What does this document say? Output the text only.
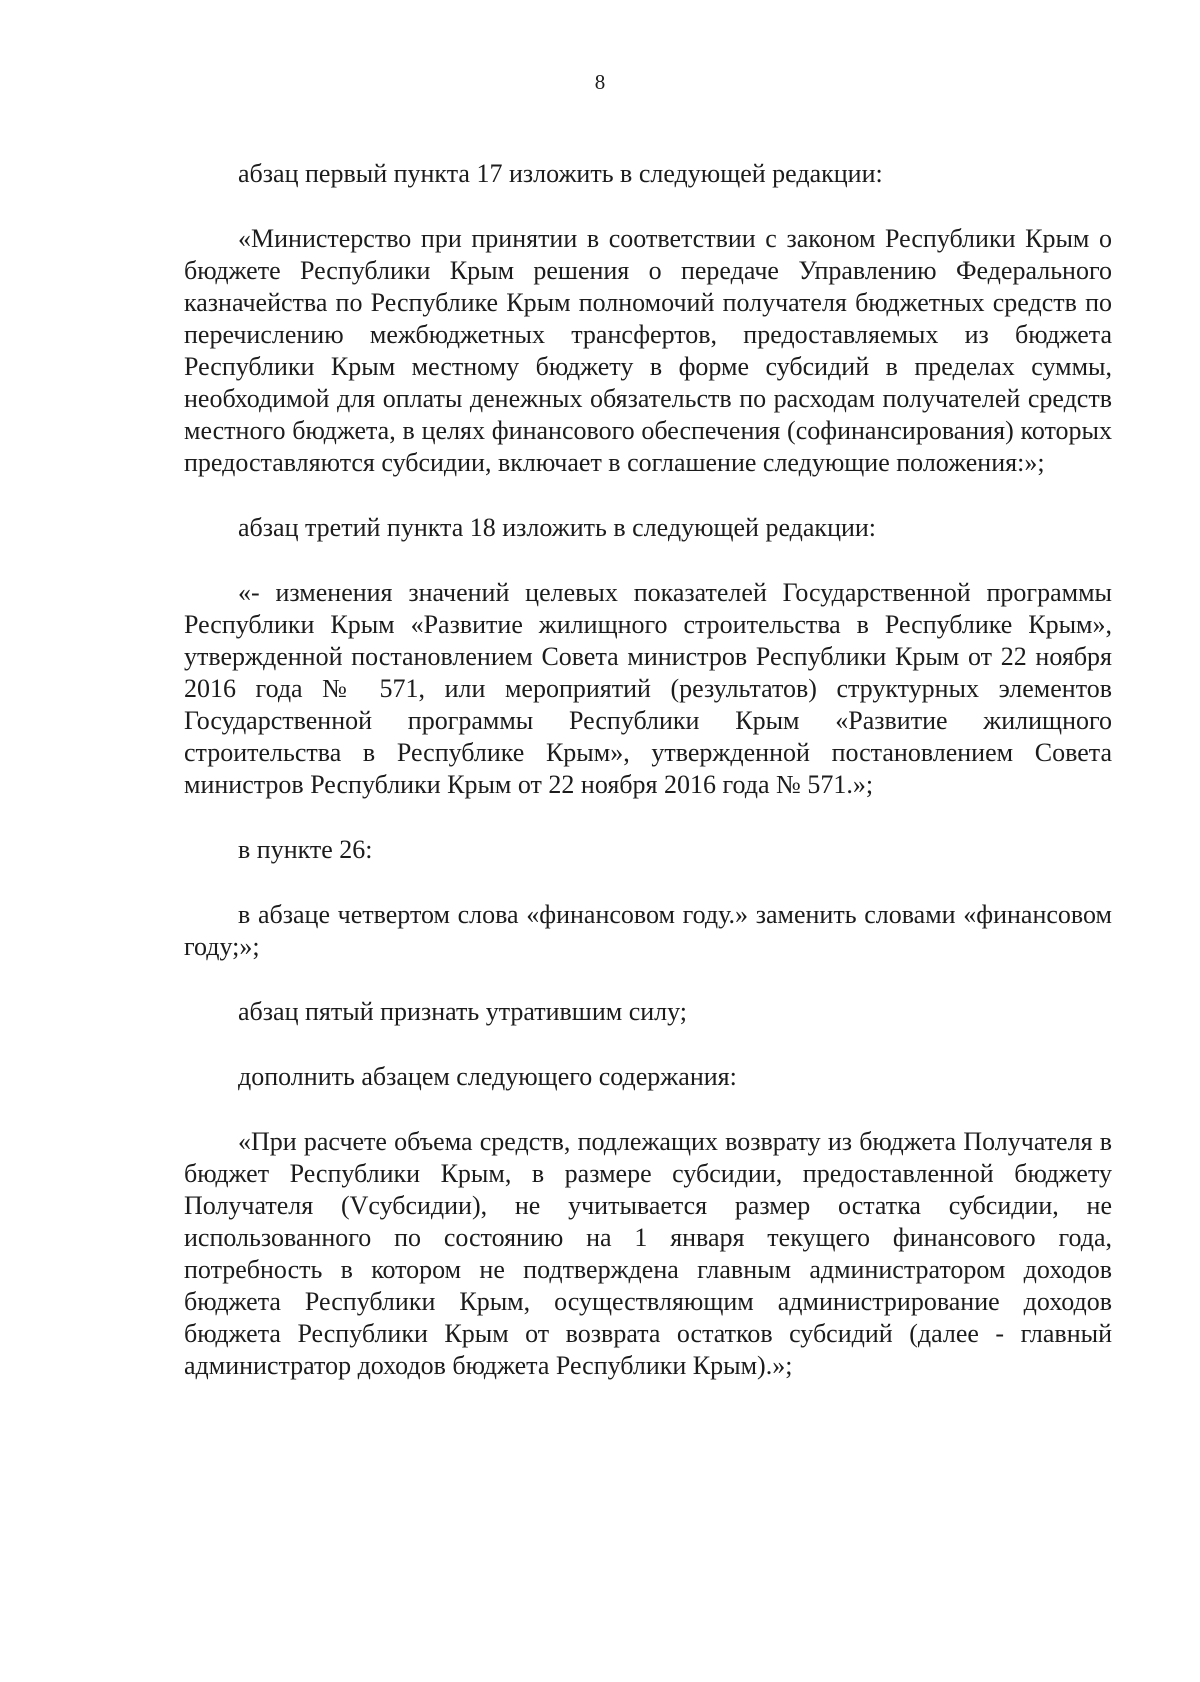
8

абзац первый пункта 17 изложить в следующей редакции:

«Министерство при принятии в соответствии с законом Республики Крым о бюджете Республики Крым решения о передаче Управлению Федерального казначейства по Республике Крым полномочий получателя бюджетных средств по перечислению межбюджетных трансфертов, предоставляемых из бюджета Республики Крым местному бюджету в форме субсидий в пределах суммы, необходимой для оплаты денежных обязательств по расходам получателей средств местного бюджета, в целях финансового обеспечения (софинансирования) которых предоставляются субсидии, включает в соглашение следующие положения:»;

абзац третий пункта 18 изложить в следующей редакции:

«- изменения значений целевых показателей Государственной программы Республики Крым «Развитие жилищного строительства в Республике Крым», утвержденной постановлением Совета министров Республики Крым от 22 ноября 2016 года № 571, или мероприятий (результатов) структурных элементов Государственной программы Республики Крым «Развитие жилищного строительства в Республике Крым», утвержденной постановлением Совета министров Республики Крым от 22 ноября 2016 года № 571.»;

в пункте 26:

в абзаце четвертом слова «финансовом году.» заменить словами «финансовом году;»;

абзац пятый признать утратившим силу;

дополнить абзацем следующего содержания:

«При расчете объема средств, подлежащих возврату из бюджета Получателя в бюджет Республики Крым, в размере субсидии, предоставленной бюджету Получателя (Vсубсидии), не учитывается размер остатка субсидии, не использованного по состоянию на 1 января текущего финансового года, потребность в котором не подтверждена главным администратором доходов бюджета Республики Крым, осуществляющим администрирование доходов бюджета Республики Крым от возврата остатков субсидий (далее - главный администратор доходов бюджета Республики Крым).»;
